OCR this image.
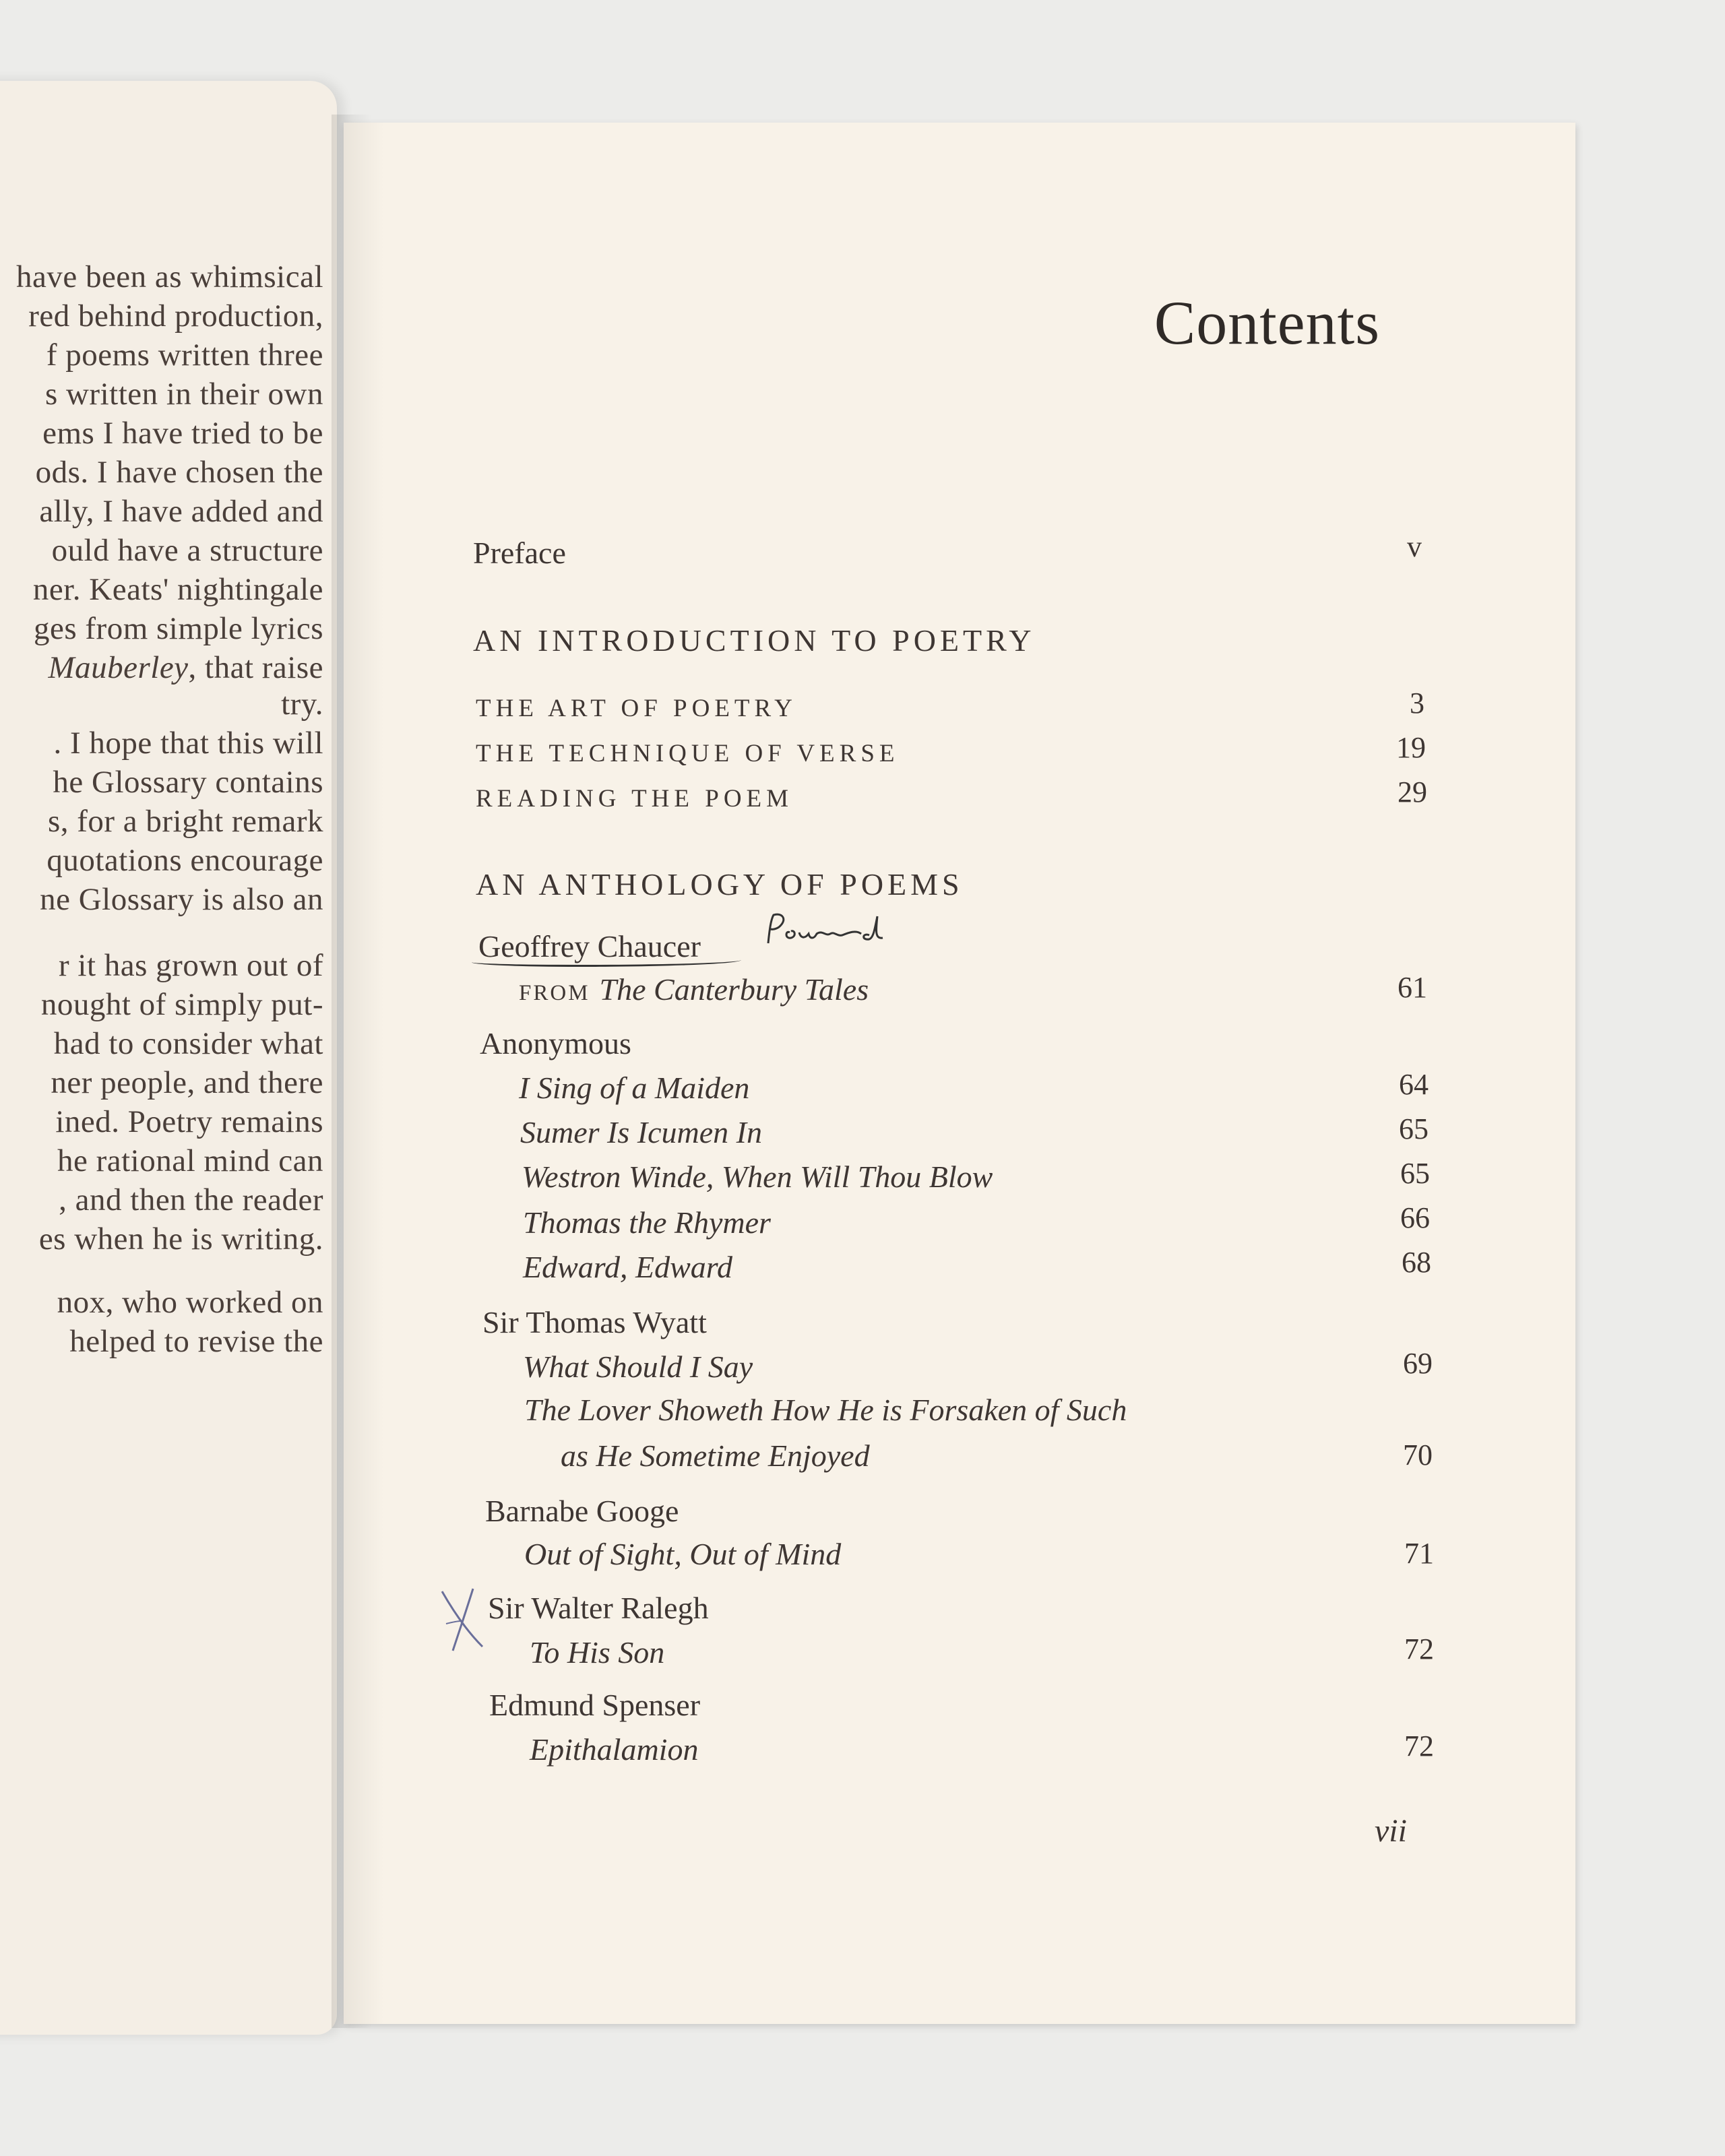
have been as whimsical
red behind production,
f poems written three
s written in their own
ems I have tried to be
ods. I have chosen the
ally, I have added and
ould have a structure
ner. Keats' nightingale
ges from simple lyrics
Mauberley, that raise
try.
. I hope that this will
he Glossary contains
s, for a bright remark
quotations encourage
ne Glossary is also an
r it has grown out of
nought of simply put-
had to consider what
ner people, and there
ined. Poetry remains
he rational mind can
, and then the reader
es when he is writing.
nox, who worked on
helped to revise the
Contents
Preface	v
AN INTRODUCTION TO POETRY
THE ART OF POETRY	3
THE TECHNIQUE OF VERSE	19
READING THE POEM	29
AN ANTHOLOGY OF POEMS
Geoffrey Chaucer
FROM The Canterbury Tales	61
Anonymous
I Sing of a Maiden	64
Sumer Is Icumen In	65
Westron Winde, When Will Thou Blow	65
Thomas the Rhymer	66
Edward, Edward	68
Sir Thomas Wyatt
What Should I Say	69
The Lover Showeth How He is Forsaken of Such
as He Sometime Enjoyed	70
Barnabe Googe
Out of Sight, Out of Mind	71
Sir Walter Ralegh
To His Son	72
Edmund Spenser
Epithalamion	72
vii
